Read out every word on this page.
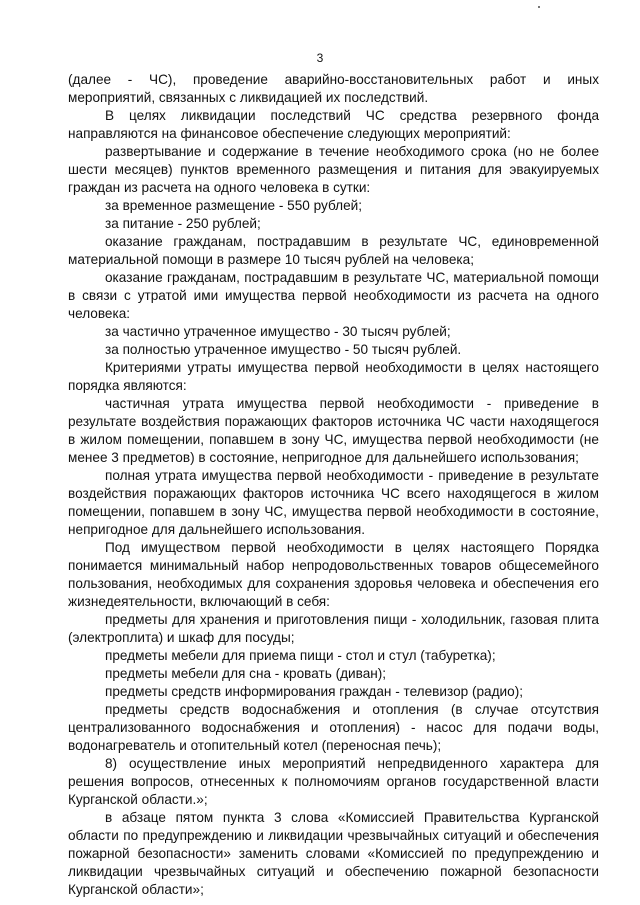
3

(далее - ЧС), проведение аварийно-восстановительных работ и иных мероприятий, связанных с ликвидацией их последствий.

В целях ликвидации последствий ЧС средства резервного фонда направляются на финансовое обеспечение следующих мероприятий:

развертывание и содержание в течение необходимого срока (но не более шести месяцев) пунктов временного размещения и питания для эвакуируемых граждан из расчета на одного человека в сутки:

за временное размещение - 550 рублей;

за питание - 250 рублей;

оказание гражданам, пострадавшим в результате ЧС, единовременной материальной помощи в размере 10 тысяч рублей на человека;

оказание гражданам, пострадавшим в результате ЧС, материальной помощи в связи с утратой ими имущества первой необходимости из расчета на одного человека:

за частично утраченное имущество - 30 тысяч рублей;

за полностью утраченное имущество - 50 тысяч рублей.

Критериями утраты имущества первой необходимости в целях настоящего порядка являются:

частичная утрата имущества первой необходимости - приведение в результате воздействия поражающих факторов источника ЧС части находящегося в жилом помещении, попавшем в зону ЧС, имущества первой необходимости (не менее 3 предметов) в состояние, непригодное для дальнейшего использования;

полная утрата имущества первой необходимости - приведение в результате воздействия поражающих факторов источника ЧС всего находящегося в жилом помещении, попавшем в зону ЧС, имущества первой необходимости в состояние, непригодное для дальнейшего использования.

Под имуществом первой необходимости в целях настоящего Порядка понимается минимальный набор непродовольственных товаров общесемейного пользования, необходимых для сохранения здоровья человека и обеспечения его жизнедеятельности, включающий в себя:

предметы для хранения и приготовления пищи - холодильник, газовая плита (электроплита) и шкаф для посуды;

предметы мебели для приема пищи - стол и стул (табуретка);

предметы мебели для сна - кровать (диван);

предметы средств информирования граждан - телевизор (радио);

предметы средств водоснабжения и отопления (в случае отсутствия централизованного водоснабжения и отопления) - насос для подачи воды, водонагреватель и отопительный котел (переносная печь);

8) осуществление иных мероприятий непредвиденного характера для решения вопросов, отнесенных к полномочиям органов государственной власти Курганской области.»;

в абзаце пятом пункта 3 слова «Комиссией Правительства Курганской области по предупреждению и ликвидации чрезвычайных ситуаций и обеспечения пожарной безопасности» заменить словами «Комиссией по предупреждению и ликвидации чрезвычайных ситуаций и обеспечению пожарной безопасности Курганской области»;
